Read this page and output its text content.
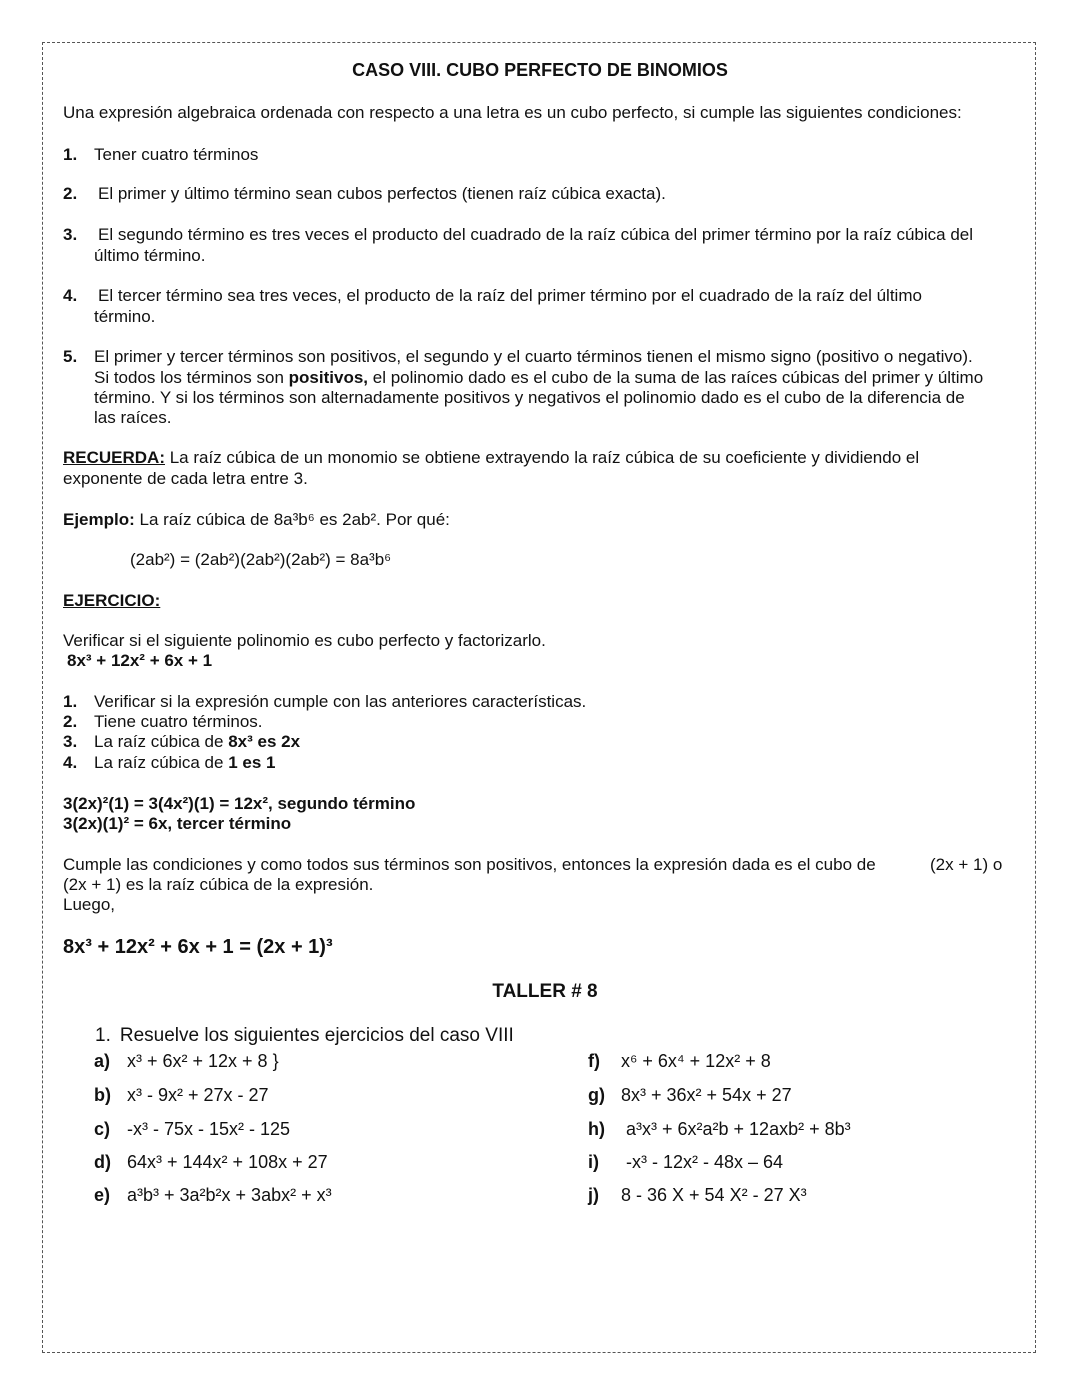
CASO VIII. CUBO PERFECTO DE BINOMIOS
Una expresión algebraica ordenada con respecto a una letra es un cubo perfecto, si cumple las siguientes condiciones:
1. Tener cuatro términos
2. El primer y último término sean cubos perfectos (tienen raíz cúbica exacta).
3. El segundo término es tres veces el producto del cuadrado de la raíz cúbica del primer término por la raíz cúbica del
último término.
4. El tercer término sea tres veces, el producto de la raíz del primer término por el cuadrado de la raíz del último
término.
5. El primer y tercer términos son positivos, el segundo y el cuarto términos tienen el mismo signo (positivo o negativo).
Si todos los términos son positivos, el polinomio dado es el cubo de la suma de las raíces cúbicas del primer y último
término. Y si los términos son alternadamente positivos y negativos el polinomio dado es el cubo de la diferencia de
las raíces.
RECUERDA: La raíz cúbica de un monomio se obtiene extrayendo la raíz cúbica de su coeficiente y dividiendo el
exponente de cada letra entre 3.
Ejemplo: La raíz cúbica de 8a³b⁶ es 2ab². Por qué:
(2ab²) = (2ab²)(2ab²)(2ab²) = 8a³b⁶
EJERCICIO:
Verificar si el siguiente polinomio es cubo perfecto y factorizarlo.
8x³ + 12x² + 6x + 1
1. Verificar si la expresión cumple con las anteriores características.
2. Tiene cuatro términos.
3. La raíz cúbica de 8x³ es 2x
4. La raíz cúbica de 1 es 1
3(2x)²(1) = 3(4x²)(1) = 12x², segundo término
3(2x)(1)² = 6x, tercer término
Cumple las condiciones y como todos sus términos son positivos, entonces la expresión dada es el cubo de	(2x + 1) o
(2x + 1) es la raíz cúbica de la expresión.
Luego,
8x³ + 12x² + 6x + 1 = (2x + 1)³
TALLER # 8
1. Resuelve los siguientes ejercicios del caso VIII
a) x³ + 6x² + 12x + 8 }
b) x³ - 9x² + 27x - 27
c) -x³ - 75x - 15x² - 125
d) 64x³ + 144x² + 108x + 27
e) a³b³ + 3a²b²x + 3abx² + x³
f) x⁶ + 6x⁴ + 12x² + 8
g) 8x³ + 36x² + 54x + 27
h) a³x³ + 6x²a²b + 12axb² + 8b³
i) -x³ - 12x² - 48x – 64
j) 8 - 36 X + 54 X² - 27 X³
